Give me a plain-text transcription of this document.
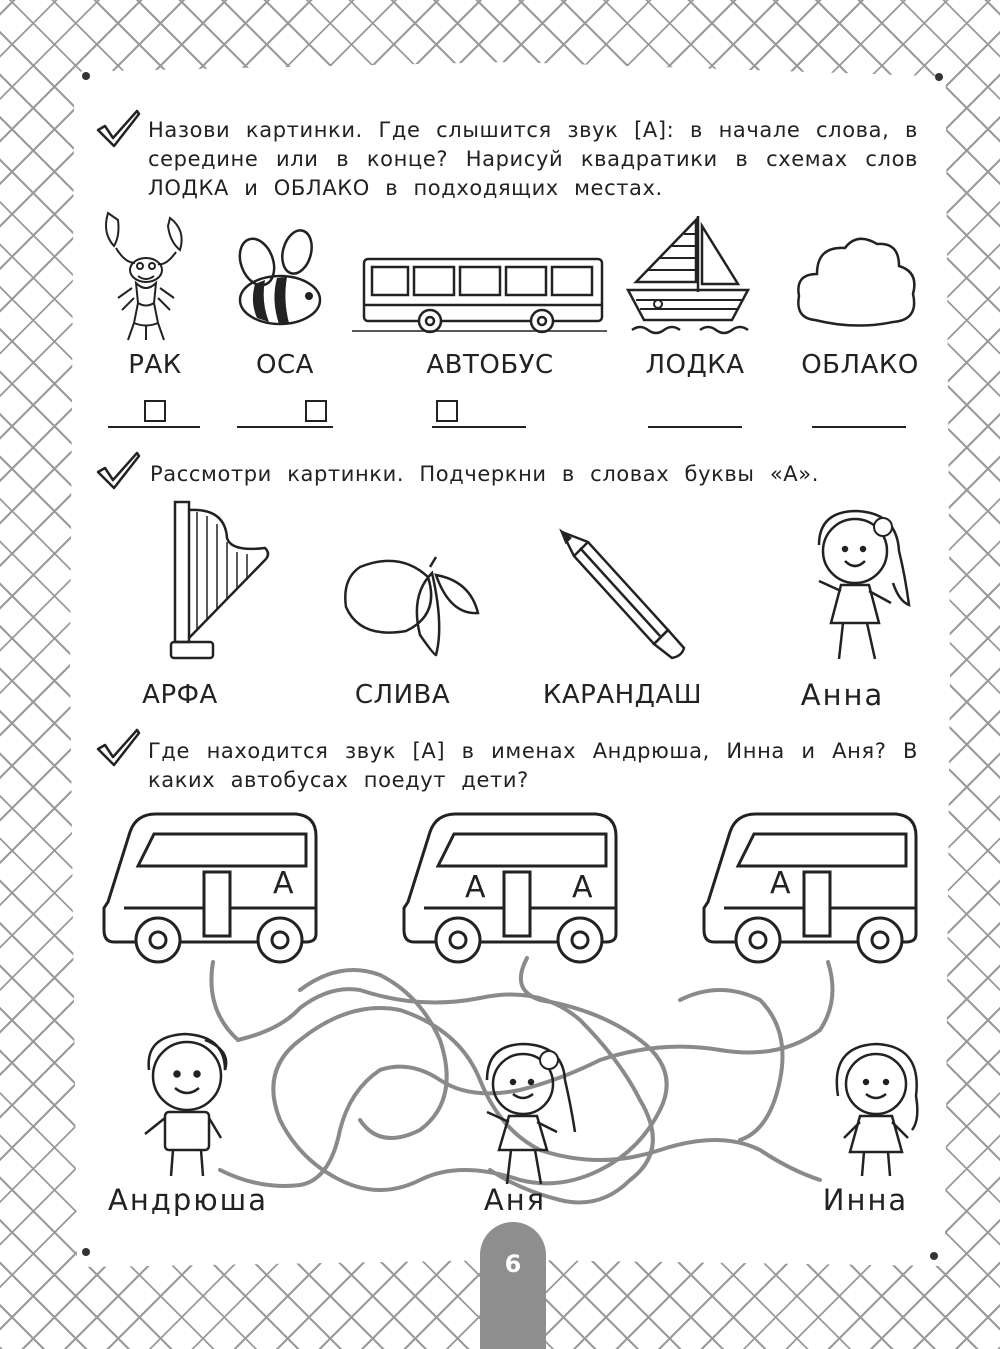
Назови картинки. Где слышится звук [А]: в начале слова, в середине или в конце? Нарисуй квадратики в схемах слов ЛОДКА и ОБЛАКО в подходящих местах.
РАК	ОСА	АВТОБУС	ЛОДКА	ОБЛАКО
Рассмотри картинки. Подчеркни в словах буквы «А».
АРФА	СЛИВА	КАРАНДАШ	Анна
Где находится звук [А] в именах Андрюша, Инна и Аня? В каких автобусах поедут дети?
А	А	А	А
Андрюша	Аня	Инна
6
